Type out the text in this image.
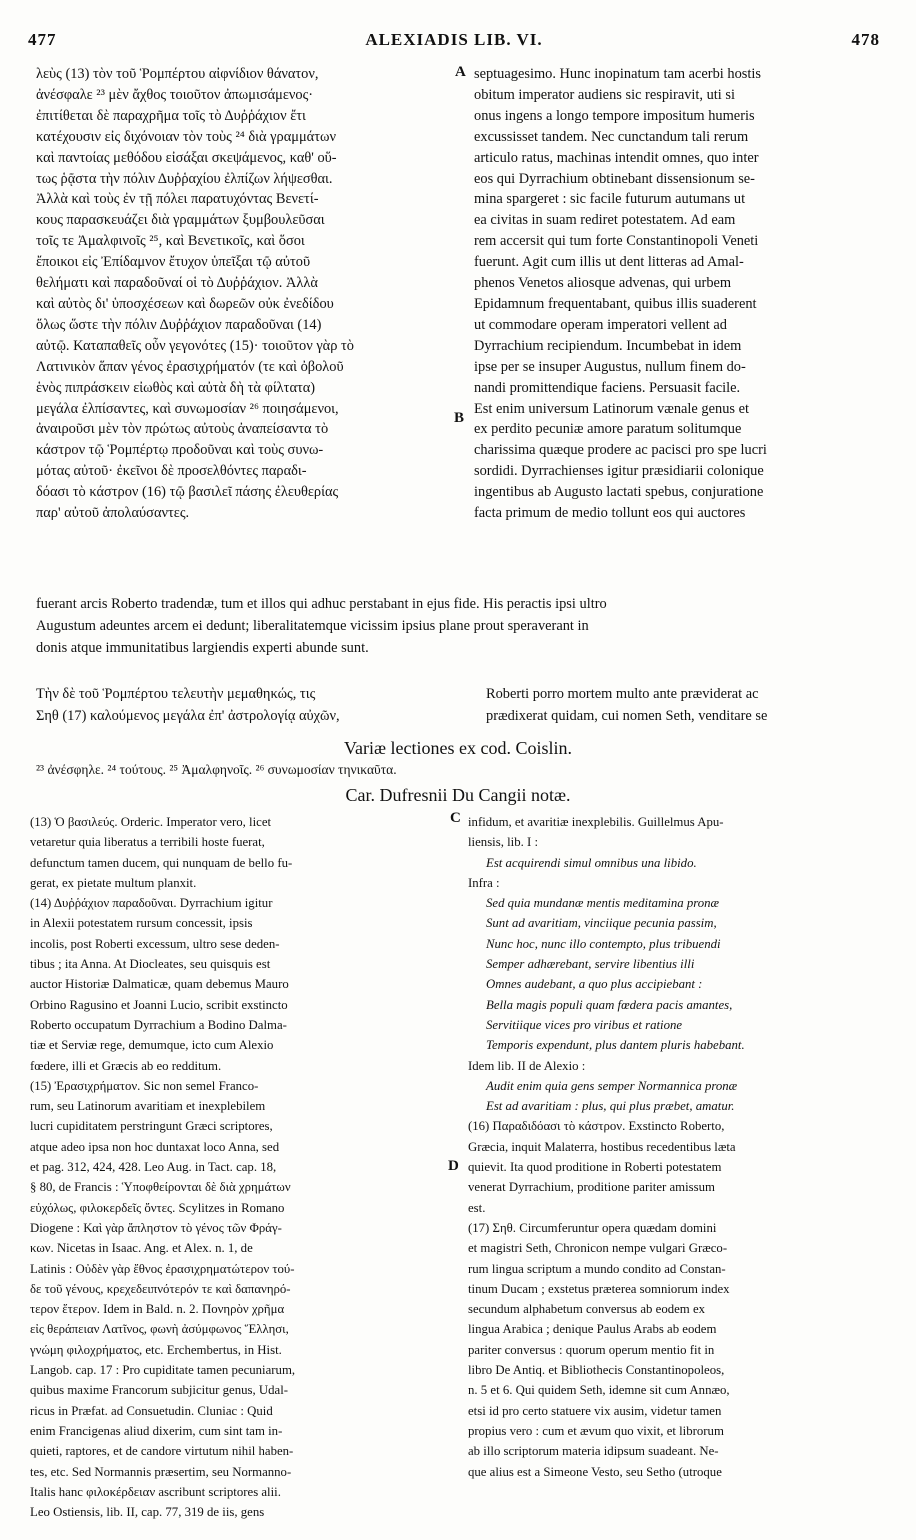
477	ALEXIADIS LIB. VI.	478
λεὺς (13) τὸν τοῦ Ῥομπέρτου αἰφνίδιον θάνατον,
ἀνέσφαλε ²³ μὲν ἄχθος τοιοῦτον ἀπωμισάμενος·
ἐπιτίθεται δὲ παραχρῆμα τοῖς τὸ Δυῤῥάχιον ἔτι
κατέχουσιν εἰς διχόνοιαν τὸν τοὺς ²⁴ διὰ γραμμάτων
καὶ παντοίας μεθόδου εἰσάξαι σκεψάμενος, καθ' οὕ-
τως ῥᾷστα τὴν πόλιν Δυῤῥαχίου ἐλπίζων λήψεσθαι.
Ἀλλὰ καὶ τοὺς ἐν τῇ πόλει παρατυχόντας Βενετί-
κους παρασκευάζει διὰ γραμμάτων ξυμβουλεῦσαι
τοῖς τε Ἀμαλφινοῖς ²⁵, καὶ Βενετικοῖς, καὶ ὅσοι
ἔποικοι εἰς Ἐπίδαμνον ἔτυχον ὑπεῖξαι τῷ αὐτοῦ
θελήματι καὶ παραδοῦναί οἱ τὸ Δυῤῥάχιον. Ἀλλὰ
καὶ αὐτὸς δι' ὑποσχέσεων καὶ δωρεῶν οὐκ ἐνεδίδου
ὅλως ὥστε τὴν πόλιν Δυῤῥάχιον παραδοῦναι (14)
αὐτῷ. Καταπαθεῖς οὖν γεγονότες (15)· τοιοῦτον γὰρ τὸ
Λατινικὸν ἅπαν γένος ἐρασιχρήματόν (τε καὶ ὀβολοῦ
ἑνὸς πιπράσκειν εἰωθὸς καὶ αὐτὰ δὴ τὰ φίλτατα)
μεγάλα ἐλπίσαντες, καὶ συνωμοσίαν ²⁶ ποιησάμενοι,
ἀναιροῦσι μὲν τὸν πρώτως αὐτοὺς ἀναπείσαντα τὸ
κάστρον τῷ Ῥομπέρτῳ προδοῦναι καὶ τοὺς συνω-
μότας αὐτοῦ· ἐκεῖνοι δὲ προσελθόντες παραδι-
δόασι τὸ κάστρον (16) τῷ βασιλεῖ πάσης ἐλευθερίας
παρ' αὐτοῦ ἀπολαύσαντες.
septuagesimo. Hunc inopinatum tam acerbi hostis
obitum imperator audiens sic respiravit, uti si
onus ingens a longo tempore impositum humeris
excussisset tandem. Nec cunctandum tali rerum
articulo ratus, machinas intendit omnes, quo inter
eos qui Dyrrachium obtinebant dissensionum se-
mina spargeret : sic facile futurum autumans ut
ea civitas in suam rediret potestatem. Ad eam
rem accersit qui tum forte Constantinopoli Veneti
fuerunt. Agit cum illis ut dent litteras ad Amal-
phenos Venetos aliosque advenas, qui urbem
Epidamnum frequentabant, quibus illis suaderent
ut commodare operam imperatori vellent ad
Dyrrachium recipiendum. Incumbebat in idem
ipse per se insuper Augustus, nullum finem do-
nandi promittendique faciens. Persuasit facile.
Est enim universum Latinorum vænale genus et
ex perdito pecuniæ amore paratum solitumque
charissima quæque prodere ac pacisci pro spe lucri
sordidi. Dyrrachienses igitur præsidiarii colonique
ingentibus ab Augusto lactati spebus, conjuratione
facta primum de medio tollunt eos qui auctores
A
B
fuerant arcis Roberto tradendæ, tum et illos qui adhuc perstabant in ejus fide. His peractis ipsi ultro
Augustum adeuntes arcem ei dedunt; liberalitatemque vicissim ipsius plane prout speraverant in
donis atque immunitatibus largiendis experti abunde sunt.
Τὴν δὲ τοῦ Ῥομπέρτου τελευτὴν μεμαθηκώς, τις
Σηθ (17) καλούμενος μεγάλα ἐπ' ἀστρολογίᾳ αὐχῶν,
Roberti porro mortem multo ante præviderat ac
prædixerat quidam, cui nomen Seth, venditare se
Variæ lectiones ex cod. Coislin.
²³ ἀνέσφηλε. ²⁴ τούτους. ²⁵ Ἀμαλφηνοῖς. ²⁶ συνωμοσίαν τηνικαῦτα.
Car. Dufresnii Du Cangii notæ.
C
D
(13) Ὁ βασιλεύς. Orderic. Imperator vero, licet
vetaretur quia liberatus a terribili hoste fuerat,
defunctum tamen ducem, qui nunquam de bello fu-
gerat, ex pietate multum planxit.
(14) Δυῤῥάχιον παραδοῦναι. Dyrrachium igitur
in Alexii potestatem rursum concessit, ipsis
incolis, post Roberti excessum, ultro sese deden-
tibus ; ita Anna. At Diocleates, seu quisquis est
auctor Historiæ Dalmaticæ, quam debemus Mauro
Orbino Ragusino et Joanni Lucio, scribit exstincto
Roberto occupatum Dyrrachium a Bodino Dalma-
tiæ et Serviæ rege, demumque, icto cum Alexio
fœdere, illi et Græcis ab eo redditum.
(15) Ἐρασιχρήματον. Sic non semel Franco-
rum, seu Latinorum avaritiam et inexplebilem
lucri cupiditatem perstringunt Græci scriptores,
atque adeo ipsa non hoc duntaxat loco Anna, sed
et pag. 312, 424, 428. Leo Aug. in Tact. cap. 18,
§ 80, de Francis : Ὑποφθείρονται δὲ διὰ χρημάτων
εὐχόλως, φιλοκερδεῖς ὄντες. Scylitzes in Romano
Diogene : Καὶ γὰρ ἄπληστον τὸ γένος τῶν Φράγ-
κων. Nicetas in Isaac. Ang. et Alex. n. 1, de
Latinis : Οὐδὲν γὰρ ἔθνος ἐρασιχρηματώτερον τού-
δε τοῦ γένους, κρεχεδειπνότερόν τε καὶ δαπανηρό-
τερον ἕτερον. Idem in Bald. n. 2. Πονηρὸν χρῆμα
εἰς θεράπειαν Λατῖνος, φωνὴ ἀσύμφωνος Ἕλλησι,
γνώμη φιλοχρήματος, etc. Erchembertus, in Hist.
Langob. cap. 17 : Pro cupiditate tamen pecuniarum,
quibus maxime Francorum subjicitur genus, Udal-
ricus in Præfat. ad Consuetudin. Cluniac : Quid
enim Francigenas aliud dixerim, cum sint tam in-
quieti, raptores, et de candore virtutum nihil haben-
tes, etc. Sed Normannis præsertim, seu Normanno-
Italis hanc φιλοκέρδειαν ascribunt scriptores alii.
Leo Ostiensis, lib. II, cap. 77, 319 de iis, gens
infidum, et avaritiæ inexplebilis. Guillelmus Apu-
liensis, lib. I :
Est acquirendi simul omnibus una libido.
Infra :
Sed quia mundanæ mentis meditamina pronæ
Sunt ad avaritiam, vinciique pecunia passim,
Nunc hoc, nunc illo contempto, plus tribuendi
Semper adhærebant, servire libentius illi
Omnes audebant, a quo plus accipiebant :
Bella magis populi quam fœdera pacis amantes,
Servitiique vices pro viribus et ratione
Temporis expendunt, plus dantem pluris habebant.
Idem lib. II de Alexio :
Audit enim quia gens semper Normannica pronæ
Est ad avaritiam : plus, qui plus præbet, amatur.
(16) Παραδιδόασι τὸ κάστρον. Exstincto Roberto,
Græcia, inquit Malaterra, hostibus recedentibus læta
quievit. Ita quod proditione in Roberti potestatem
venerat Dyrrachium, proditione pariter amissum
est.
(17) Σηθ. Circumferuntur opera quædam domini
et magistri Seth, Chronicon nempe vulgari Græco-
rum lingua scriptum a mundo condito ad Constan-
tinum Ducam ; exstetus præterea somniorum index
secundum alphabetum conversus ab eodem ex
lingua Arabica ; denique Paulus Arabs ab eodem
pariter conversus : quorum operum mentio fit in
libro De Antiq. et Bibliothecis Constantinopoleos,
n. 5 et 6. Qui quidem Seth, idemne sit cum Annæo,
etsi id pro certo statuere vix ausim, videtur tamen
propius vero : cum et ævum quo vixit, et librorum
ab illo scriptorum materia idipsum suadeant. Ne-
que alius est a Simeone Vesto, seu Setho (utroque
